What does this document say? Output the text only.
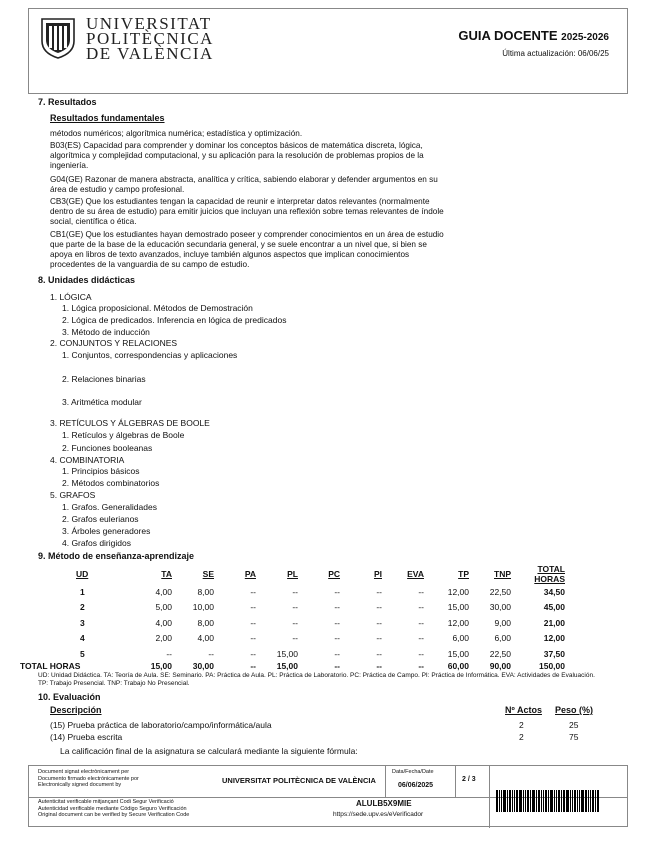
UNIVERSITAT
POLITÈCNICA
DE VALÈNCIA
GUIA DOCENTE 2025-2026
Última actualización: 06/06/25
7. Resultados
Resultados fundamentales
métodos numéricos; algorítmica numérica; estadística y optimización.
B03(ES) Capacidad para comprender y dominar los conceptos básicos de matemática discreta, lógica, algorítmica y complejidad computacional, y su aplicación para la resolución de problemas propios de la ingeniería.
G04(GE) Razonar de manera abstracta, analítica y crítica, sabiendo elaborar y defender argumentos en su área de estudio y campo profesional.
CB3(GE) Que los estudiantes tengan la capacidad de reunir e interpretar datos relevantes (normalmente dentro de su área de estudio) para emitir juicios que incluyan una reflexión sobre temas relevantes de índole social, científica o ética.
CB1(GE) Que los estudiantes hayan demostrado poseer y comprender conocimientos en un área de estudio que parte de la base de la educación secundaria general, y se suele encontrar a un nivel que, si bien se apoya en libros de texto avanzados, incluye también algunos aspectos que implican conocimientos procedentes de la vanguardia de su campo de estudio.
8. Unidades didácticas
1. LÓGICA
1. Lógica proposicional. Métodos de Demostración
2. Lógica de predicados. Inferencia en lógica de predicados
3. Método de inducción
2. CONJUNTOS Y RELACIONES
1. Conjuntos, correspondencias y aplicaciones
2. Relaciones binarias
3. Aritmética modular
3. RETÍCULOS Y ÁLGEBRAS DE BOOLE
1. Retículos y álgebras de Boole
2. Funciones booleanas
4. COMBINATORIA
1. Principios básicos
2. Métodos combinatorios
5. GRAFOS
1. Grafos. Generalidades
2. Grafos eulerianos
3. Árboles generadores
4. Grafos dirigidos
9. Método de enseñanza-aprendizaje
UD	TA	SE	PA	PL	PC	PI	EVA	TP	TNP	TOTAL HORAS
1	4,00	8,00	--	--	--	--	--	12,00	22,50	34,50
2	5,00	10,00	--	--	--	--	--	15,00	30,00	45,00
3	4,00	8,00	--	--	--	--	--	12,00	9,00	21,00
4	2,00	4,00	--	--	--	--	--	6,00	6,00	12,00
5	--	--	--	15,00	--	--	--	15,00	22,50	37,50
TOTAL HORAS	15,00	30,00	--	15,00	--	--	--	60,00	90,00	150,00
UD: Unidad Didáctica. TA: Teoría de Aula. SE: Seminario. PA: Práctica de Aula. PL: Práctica de Laboratorio. PC: Práctica de Campo. PI: Práctica de Informática. EVA: Actividades de Evaluación. TP: Trabajo Presencial. TNP: Trabajo No Presencial.
10. Evaluación
Descripción	Nº Actos Peso (%)
(15) Prueba práctica de laboratorio/campo/informática/aula	2	25
(14) Prueba escrita	2	75
La calificación final de la asignatura se calculará mediante la siguiente fórmula:
Document signat electrònicament per
Documento firmado electrónicamente por
Electronically signed document by	UNIVERSITAT POLITÈCNICA DE VALÈNCIA
Data/Fecha/Date
06/06/2025
2 / 3
Autenticitat verificable mitjançant Codi Segur Verificació
Autenticidad verificable mediante Código Seguro Verificación
Original document can be verified by Secure Verification Code
ALULB5X9MIE
https://sede.upv.es/eVerificador
